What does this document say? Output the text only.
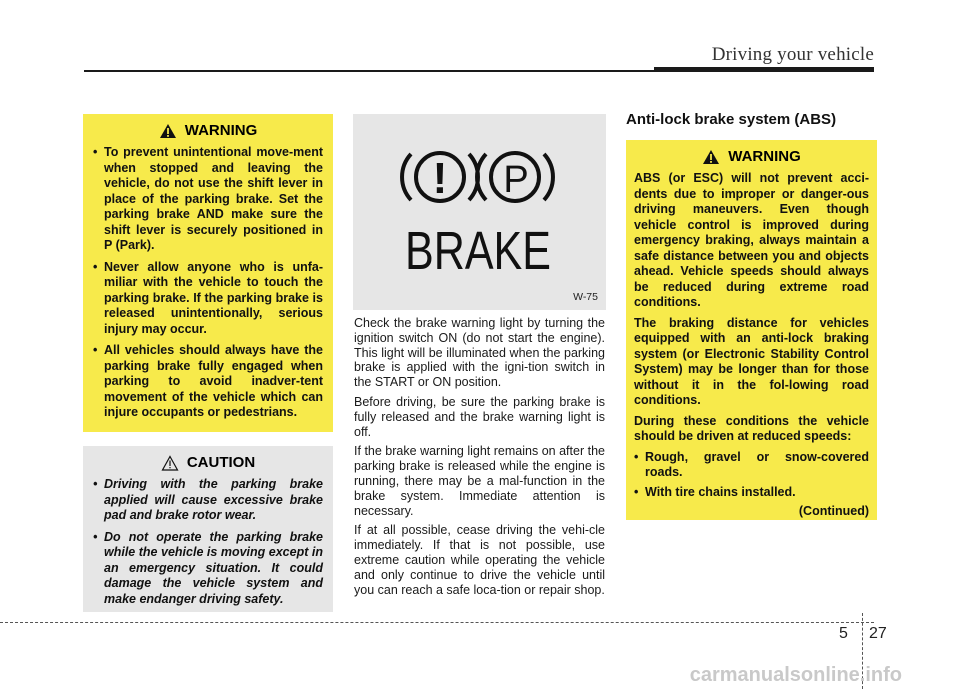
Driving your vehicle
WARNING
• To prevent unintentional move-ment when stopped and leaving the vehicle, do not use the shift lever in place of the parking brake. Set the parking brake AND make sure the shift lever is securely positioned in P (Park).
• Never allow anyone who is unfa-miliar with the vehicle to touch the parking brake. If the parking brake is released unintentionally, serious injury may occur.
• All vehicles should always have the parking brake fully engaged when parking to avoid inadver-tent movement of the vehicle which can injure occupants or pedestrians.
CAUTION
• Driving with the parking brake applied will cause excessive brake pad and brake rotor wear.
• Do not operate the parking brake while the vehicle is moving except in an emergency situation. It could damage the vehicle system and make endanger driving safety.
! P
BRAKE
W-75

Check the brake warning light by turning the ignition switch ON (do not start the engine). This light will be illuminated when the parking brake is applied with the igni-tion switch in the START or ON position.

Before driving, be sure the parking brake is fully released and the brake warning light is off.

If the brake warning light remains on after the parking brake is released while the engine is running, there may be a mal-function in the brake system. Immediate attention is necessary.

If at all possible, cease driving the vehi-cle immediately. If that is not possible, use extreme caution while operating the vehicle and only continue to drive the vehicle until you can reach a safe loca-tion or repair shop.

Anti-lock brake system (ABS)
WARNING

ABS (or ESC) will not prevent acci-dents due to improper or danger-ous driving maneuvers. Even though vehicle control is improved during emergency braking, always maintain a safe distance between you and objects ahead. Vehicle speeds should always be reduced during extreme road conditions.

The braking distance for vehicles equipped with an anti-lock braking system (or Electronic Stability Control System) may be longer than for those without it in the fol-lowing road conditions.

During these conditions the vehicle should be driven at reduced speeds:

• Rough, gravel or snow-covered roads.
• With tire chains installed.
(Continued)
5 27
carmanualsonline.info
